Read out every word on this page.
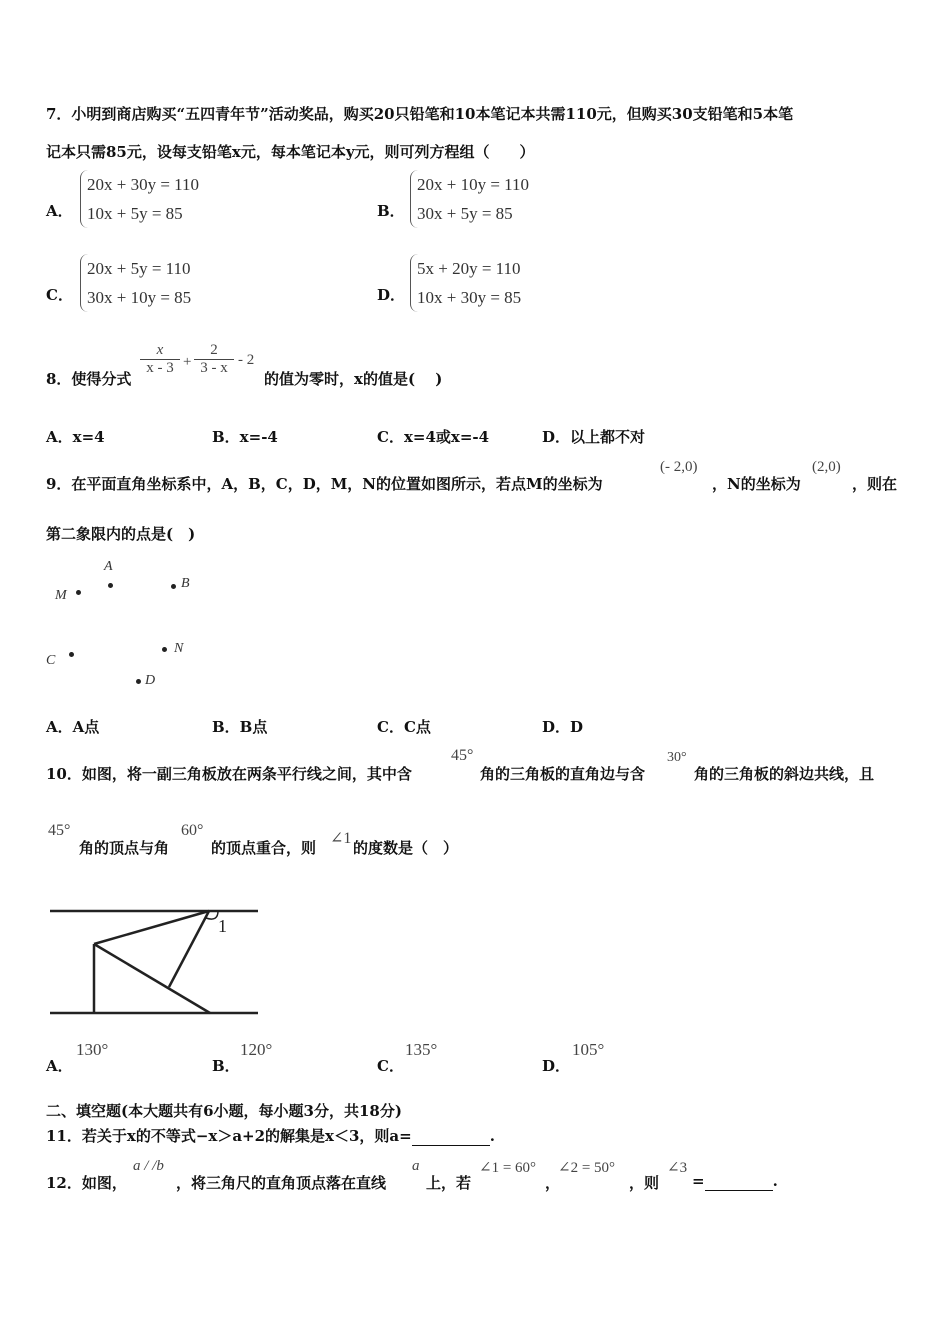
7．小明到商店购买“五四青年节”活动奖品，购买20只铅笔和10本笔记本共需110元，但购买30支铅笔和5本笔
记本只需85元，设每支铅笔x元，每本笔记本y元，则可列方程组（　　）
A．
20x + 30y = 110
10x + 5y = 85	B．
20x + 10y = 110
30x + 5y = 85
C．
20x + 5y = 110
30x + 10y = 85	D．
5x + 20y = 110
10x + 30y = 85
8．使得分式
x
x - 3 +
2
3 - x - 2
的值为零时，x的值是(　 )
A．x=4	B．x=-4	C．x=4或x=-4	D．以上都不对
9．在平面直角坐标系中，A，B，C，D，M，N的位置如图所示，若点M的坐标为
(- 2,0)
，N的坐标为
(2,0)
，则在
第二象限内的点是(　)
A
B
M
C
N
D
A．A点	B．B点	C．C点	D．D
10．如图，将一副三角板放在两条平行线之间，其中含
45°
角的三角板的直角边与含
30°
角的三角板的斜边共线，且
45°
角的顶点与角
60°
的顶点重合，则
∠1
的度数是（　）
1
A．
130°
B．
120°
C．
135°
D．
105°
二、填空题(本大题共有6小题，每小题3分，共18分)
11．若关于x的不等式−x＞a+2的解集是x＜3，则a=	.
12．如图，
a / /b
，将三角尺的直角顶点落在直线
a
上，若
∠1 = 60°
，
∠2 = 50°
，则
∠3
=	.
